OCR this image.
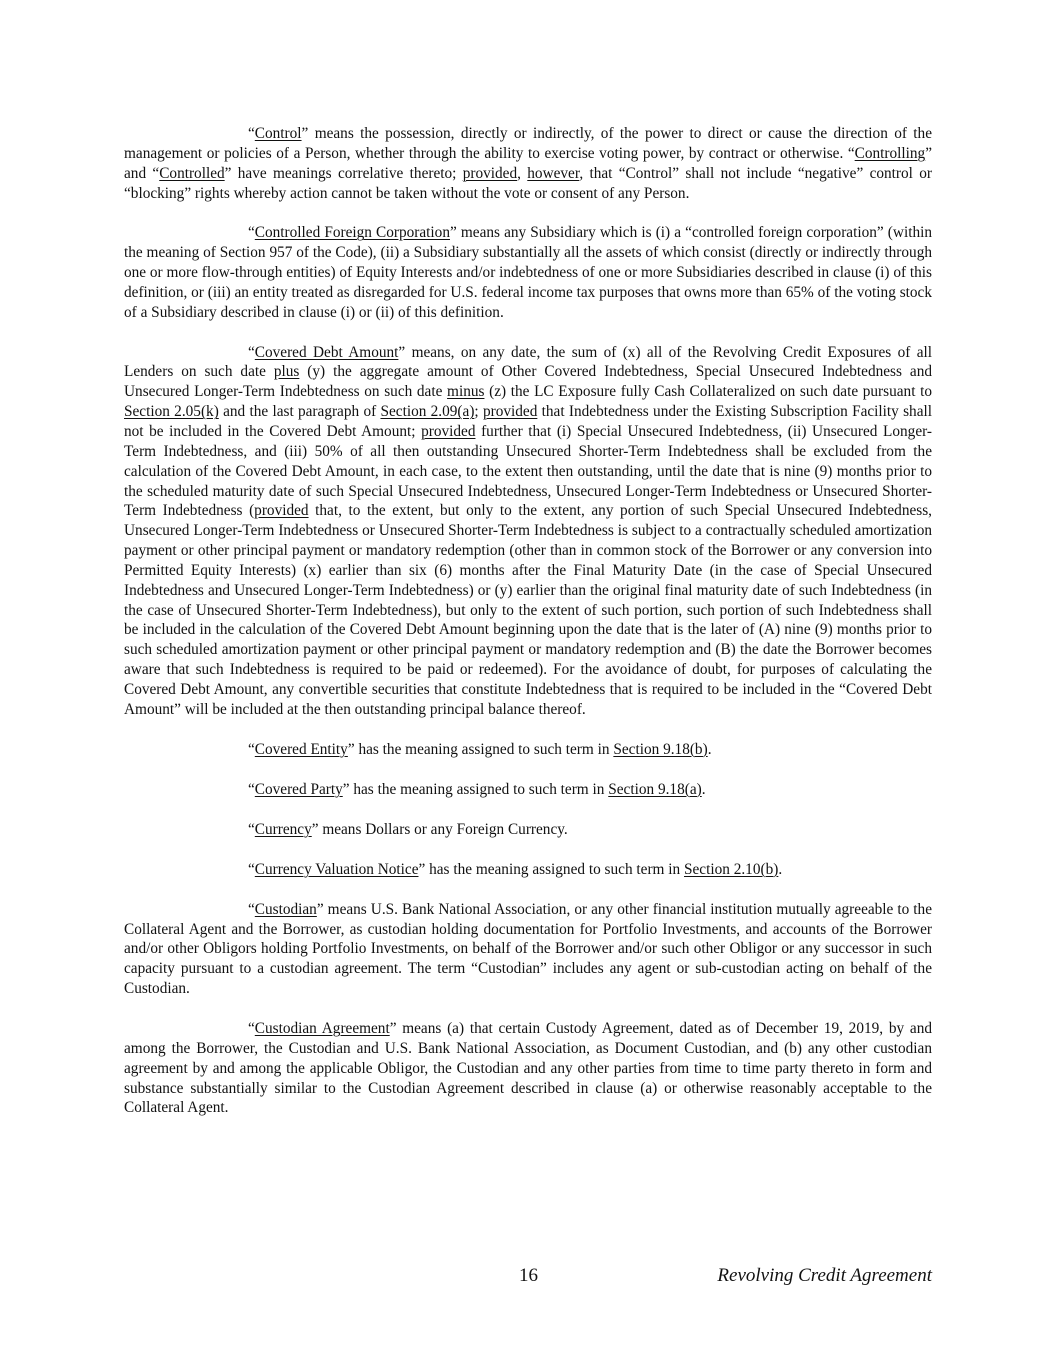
“Control” means the possession, directly or indirectly, of the power to direct or cause the direction of the management or policies of a Person, whether through the ability to exercise voting power, by contract or otherwise. “Controlling” and “Controlled” have meanings correlative thereto; provided, however, that “Control” shall not include “negative” control or “blocking” rights whereby action cannot be taken without the vote or consent of any Person.

“Controlled Foreign Corporation” means any Subsidiary which is (i) a “controlled foreign corporation” (within the meaning of Section 957 of the Code), (ii) a Subsidiary substantially all the assets of which consist (directly or indirectly through one or more flow-through entities) of Equity Interests and/or indebtedness of one or more Subsidiaries described in clause (i) of this definition, or (iii) an entity treated as disregarded for U.S. federal income tax purposes that owns more than 65% of the voting stock of a Subsidiary described in clause (i) or (ii) of this definition.

“Covered Debt Amount” means, on any date, the sum of (x) all of the Revolving Credit Exposures of all Lenders on such date plus (y) the aggregate amount of Other Covered Indebtedness, Special Unsecured Indebtedness and Unsecured Longer-Term Indebtedness on such date minus (z) the LC Exposure fully Cash Collateralized on such date pursuant to Section 2.05(k) and the last paragraph of Section 2.09(a); provided that Indebtedness under the Existing Subscription Facility shall not be included in the Covered Debt Amount; provided further that (i) Special Unsecured Indebtedness, (ii) Unsecured Longer-Term Indebtedness, and (iii) 50% of all then outstanding Unsecured Shorter-Term Indebtedness shall be excluded from the calculation of the Covered Debt Amount, in each case, to the extent then outstanding, until the date that is nine (9) months prior to the scheduled maturity date of such Special Unsecured Indebtedness, Unsecured Longer-Term Indebtedness or Unsecured Shorter-Term Indebtedness (provided that, to the extent, but only to the extent, any portion of such Special Unsecured Indebtedness, Unsecured Longer-Term Indebtedness or Unsecured Shorter-Term Indebtedness is subject to a contractually scheduled amortization payment or other principal payment or mandatory redemption (other than in common stock of the Borrower or any conversion into Permitted Equity Interests) (x) earlier than six (6) months after the Final Maturity Date (in the case of Special Unsecured Indebtedness and Unsecured Longer-Term Indebtedness) or (y) earlier than the original final maturity date of such Indebtedness (in the case of Unsecured Shorter-Term Indebtedness), but only to the extent of such portion, such portion of such Indebtedness shall be included in the calculation of the Covered Debt Amount beginning upon the date that is the later of (A) nine (9) months prior to such scheduled amortization payment or other principal payment or mandatory redemption and (B) the date the Borrower becomes aware that such Indebtedness is required to be paid or redeemed). For the avoidance of doubt, for purposes of calculating the Covered Debt Amount, any convertible securities that constitute Indebtedness that is required to be included in the “Covered Debt Amount” will be included at the then outstanding principal balance thereof.

“Covered Entity” has the meaning assigned to such term in Section 9.18(b).

“Covered Party” has the meaning assigned to such term in Section 9.18(a).

“Currency” means Dollars or any Foreign Currency.

“Currency Valuation Notice” has the meaning assigned to such term in Section 2.10(b).

“Custodian” means U.S. Bank National Association, or any other financial institution mutually agreeable to the Collateral Agent and the Borrower, as custodian holding documentation for Portfolio Investments, and accounts of the Borrower and/or other Obligors holding Portfolio Investments, on behalf of the Borrower and/or such other Obligor or any successor in such capacity pursuant to a custodian agreement. The term “Custodian” includes any agent or sub-custodian acting on behalf of the Custodian.

“Custodian Agreement” means (a) that certain Custody Agreement, dated as of December 19, 2019, by and among the Borrower, the Custodian and U.S. Bank National Association, as Document Custodian, and (b) any other custodian agreement by and among the applicable Obligor, the Custodian and any other parties from time to time party thereto in form and substance substantially similar to the Custodian Agreement described in clause (a) or otherwise reasonably acceptable to the Collateral Agent.

16	Revolving Credit Agreement
